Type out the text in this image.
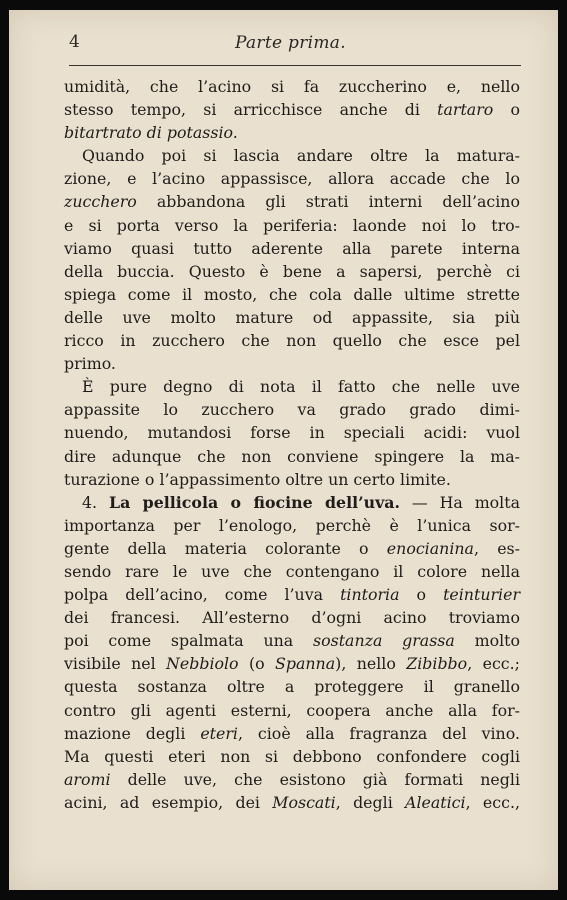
4	Parte prima.
umidità, che l’acino si fa zuccherino e, nello
stesso tempo, si arricchisce anche di tartaro o
bitartrato di potassio.
Quando poi si lascia andare oltre la matura-
zione, e l’acino appassisce, allora accade che lo
zucchero abbandona gli strati interni dell’acino
e si porta verso la periferia: laonde noi lo tro-
viamo quasi tutto aderente alla parete interna
della buccia. Questo è bene a sapersi, perchè ci
spiega come il mosto, che cola dalle ultime strette
delle uve molto mature od appassite, sia più
ricco in zucchero che non quello che esce pel
primo.
È pure degno di nota il fatto che nelle uve
appassite lo zucchero va grado grado dimi-
nuendo, mutandosi forse in speciali acidi: vuol
dire adunque che non conviene spingere la ma-
turazione o l’appassimento oltre un certo limite.
4. La pellicola o fiocine dell’uva. — Ha molta
importanza per l’enologo, perchè è l’unica sor-
gente della materia colorante o enocianina, es-
sendo rare le uve che contengano il colore nella
polpa dell’acino, come l’uva tintoria o teinturier
dei francesi. All’esterno d’ogni acino troviamo
poi come spalmata una sostanza grassa molto
visibile nel Nebbiolo (o Spanna), nello Zibibbo, ecc.;
questa sostanza oltre a proteggere il granello
contro gli agenti esterni, coopera anche alla for-
mazione degli eteri, cioè alla fragranza del vino.
Ma questi eteri non si debbono confondere cogli
aromi delle uve, che esistono già formati negli
acini, ad esempio, dei Moscati, degli Aleatici, ecc.,
